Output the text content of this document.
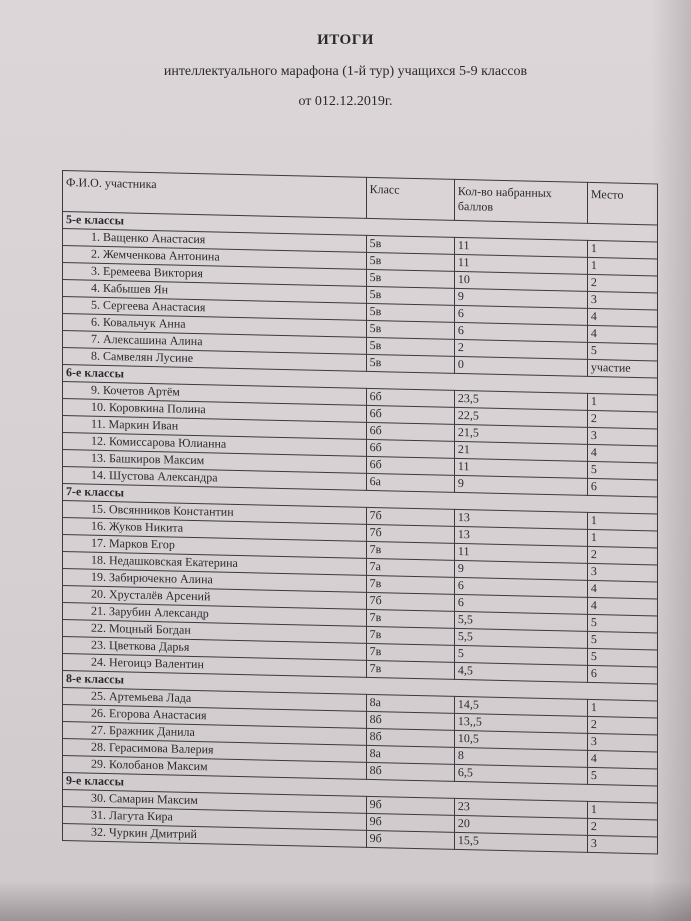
ИТОГИ
интеллектуального марафона (1-й тур) учащихся 5-9 классов
от 012.12.2019г.
Ф.И.О. участника	Класс	Кол-во набранных баллов	Место
5-е классы			
1. Ващенко Анастасия	5в	11	1
2. Жемченкова Антонина	5в	11	1
3. Еремеева Виктория	5в	10	2
4. Кабышев Ян	5в	9	3
5. Сергеева Анастасия	5в	6	4
6. Ковальчук Анна	5в	6	4
7. Алексашина Алина	5в	2	5
8. Самвелян Лусине	5в	0	участие
6-е классы			
9. Кочетов Артём	6б	23,5	1
10. Коровкина Полина	6б	22,5	2
11. Маркин Иван	6б	21,5	3
12. Комиссарова Юлианна	6б	21	4
13. Башкиров Максим	6б	11	5
14. Шустова Александра	6а	9	6
7-е классы			
15. Овсянников Константин	7б	13	1
16. Жуков Никита	7б	13	1
17. Марков Егор	7в	11	2
18. Недашковская Екатерина	7а	9	3
19. Забирючекно Алина	7в	6	4
20. Хрусталёв Арсений	7б	6	4
21. Зарубин Александр	7в	5,5	5
22. Моцный Богдан	7в	5,5	5
23. Цветкова Дарья	7в	5	5
24. Негоицэ Валентин	7в	4,5	6
8-е классы			
25. Артемьева Лада	8а	14,5	1
26. Егорова Анастасия	8б	13,,5	2
27. Бражник Данила	8б	10,5	3
28. Герасимова Валерия	8а	8	4
29. Колобанов Максим	8б	6,5	5
9-е классы			
30. Самарин Максим	9б	23	1
31. Лагута Кира	9б	20	2
32. Чуркин Дмитрий	9б	15,5	3
